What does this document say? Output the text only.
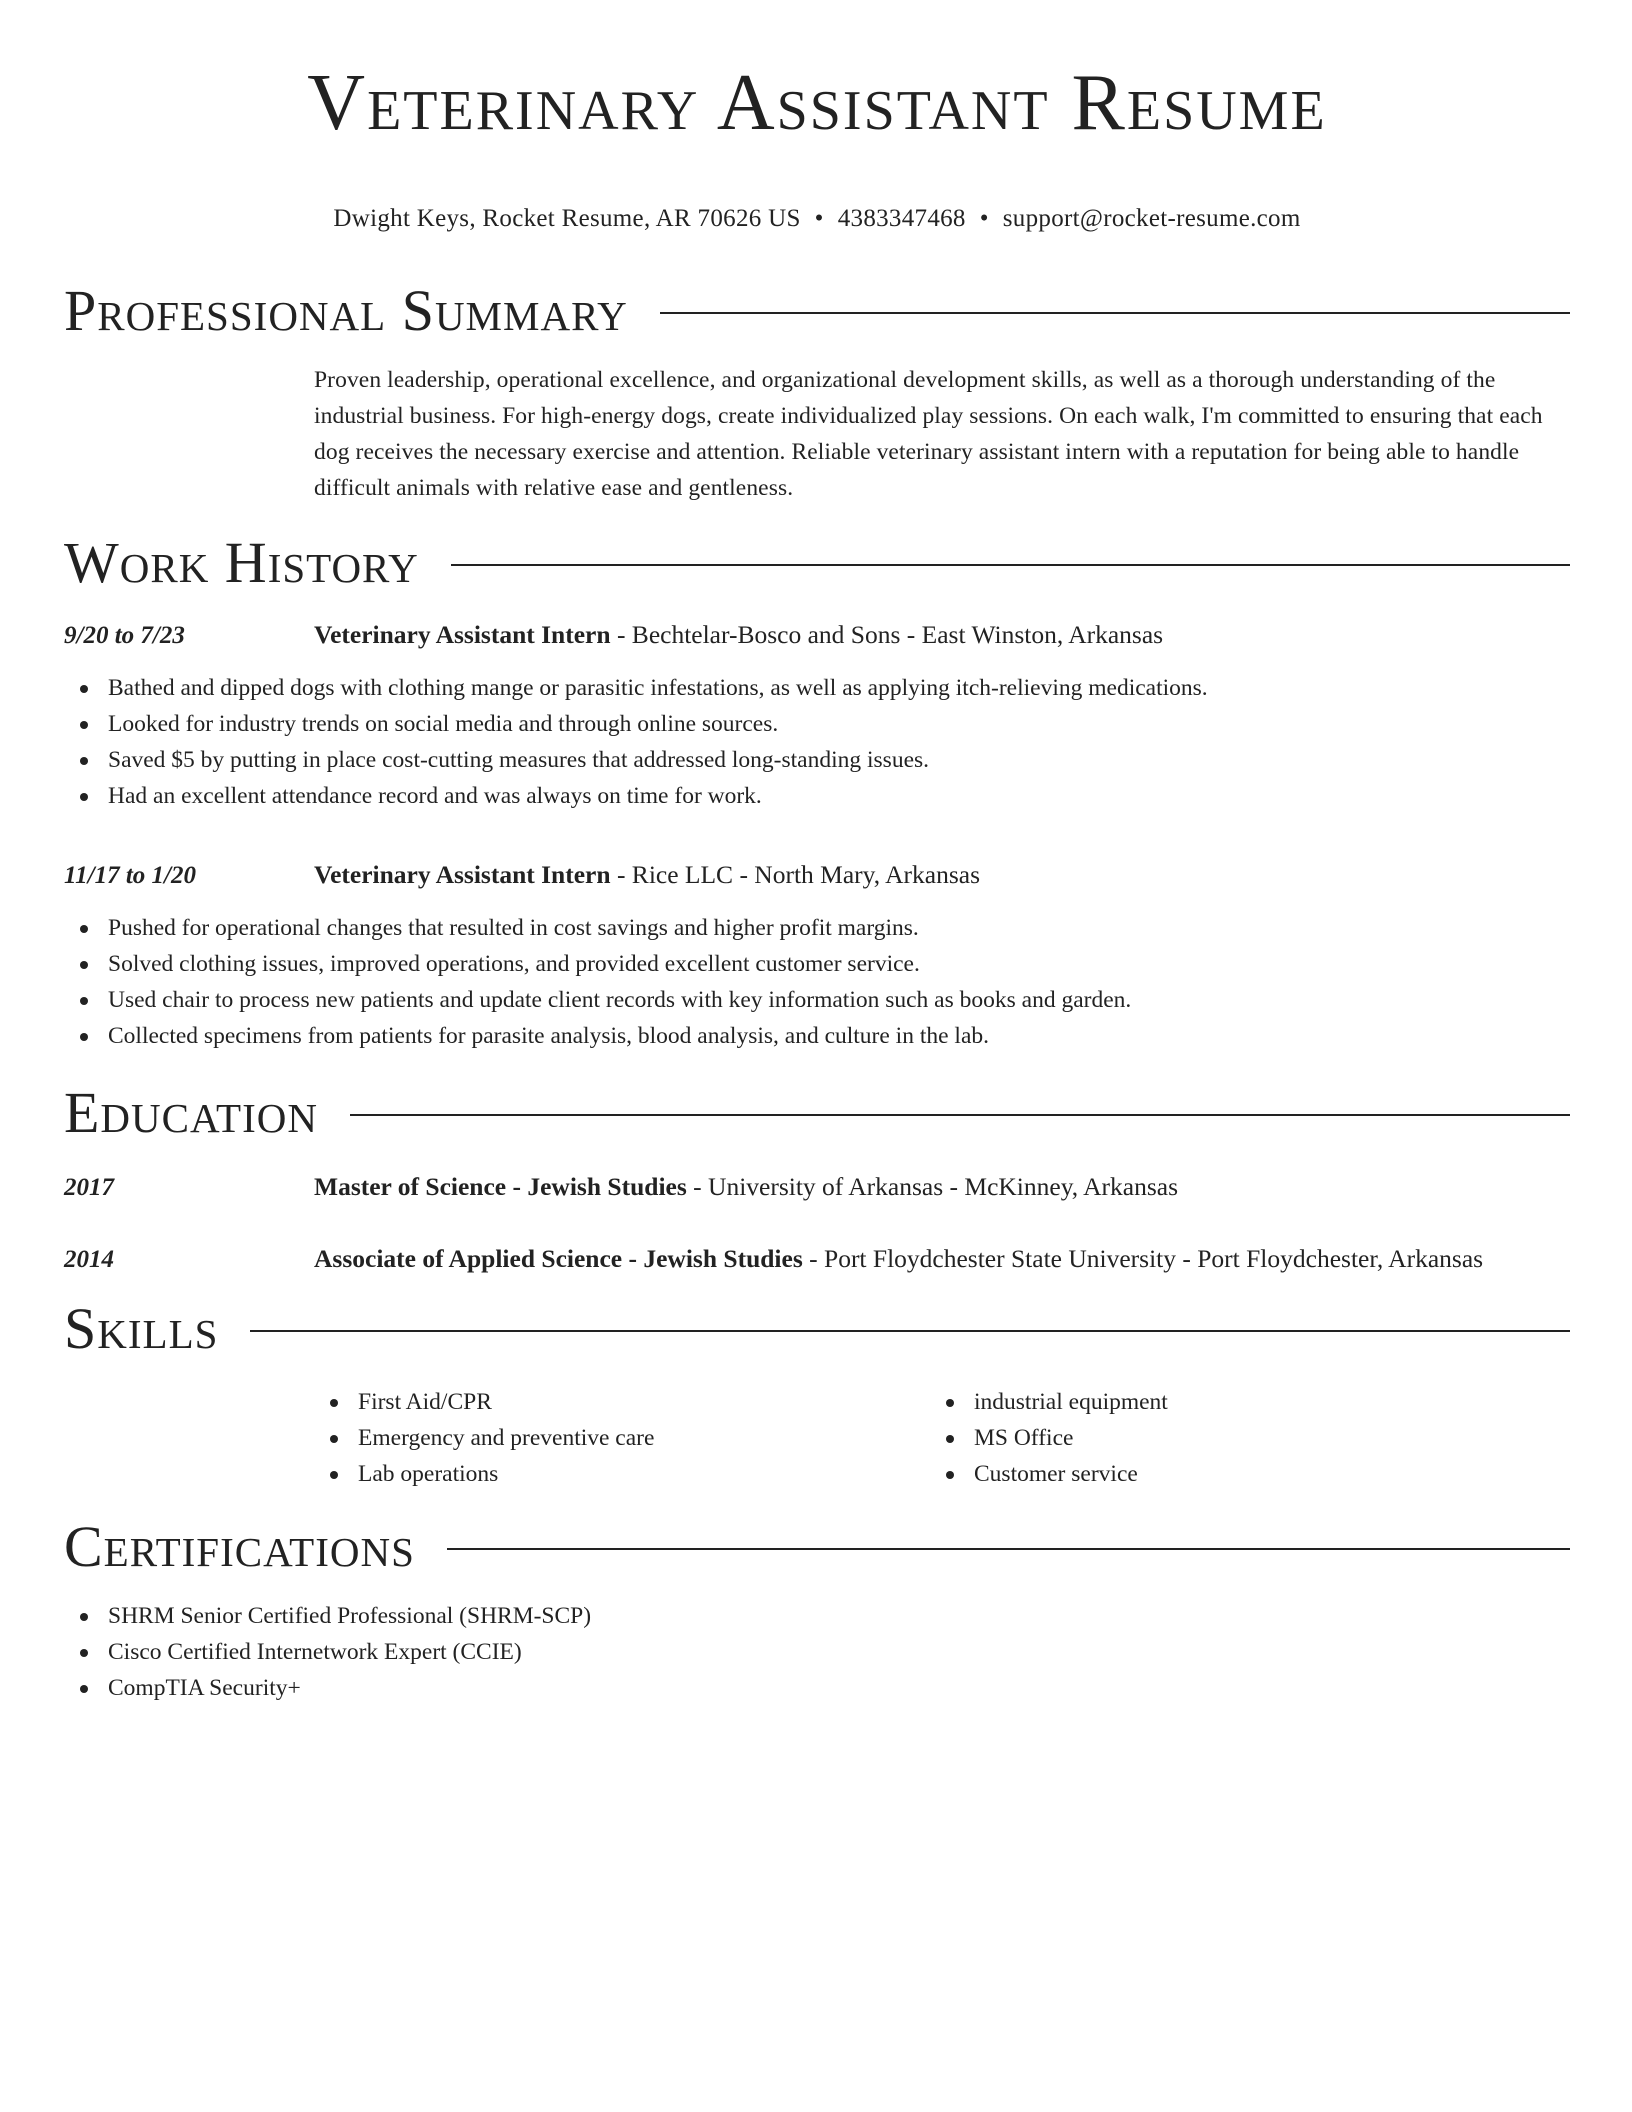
Veterinary Assistant Resume
Dwight Keys, Rocket Resume, AR 70626 US • 4383347468 • support@rocket-resume.com
Professional Summary
Proven leadership, operational excellence, and organizational development skills, as well as a thorough understanding of the industrial business. For high-energy dogs, create individualized play sessions. On each walk, I'm committed to ensuring that each dog receives the necessary exercise and attention. Reliable veterinary assistant intern with a reputation for being able to handle difficult animals with relative ease and gentleness.
Work History
9/20 to 7/23	Veterinary Assistant Intern - Bechtelar-Bosco and Sons - East Winston, Arkansas
Bathed and dipped dogs with clothing mange or parasitic infestations, as well as applying itch-relieving medications.
Looked for industry trends on social media and through online sources.
Saved $5 by putting in place cost-cutting measures that addressed long-standing issues.
Had an excellent attendance record and was always on time for work.
11/17 to 1/20	Veterinary Assistant Intern - Rice LLC - North Mary, Arkansas
Pushed for operational changes that resulted in cost savings and higher profit margins.
Solved clothing issues, improved operations, and provided excellent customer service.
Used chair to process new patients and update client records with key information such as books and garden.
Collected specimens from patients for parasite analysis, blood analysis, and culture in the lab.
Education
2017	Master of Science - Jewish Studies - University of Arkansas - McKinney, Arkansas
2014	Associate of Applied Science - Jewish Studies - Port Floydchester State University - Port Floydchester, Arkansas
Skills
First Aid/CPR
Emergency and preventive care
Lab operations
industrial equipment
MS Office
Customer service
Certifications
SHRM Senior Certified Professional (SHRM-SCP)
Cisco Certified Internetwork Expert (CCIE)
CompTIA Security+
